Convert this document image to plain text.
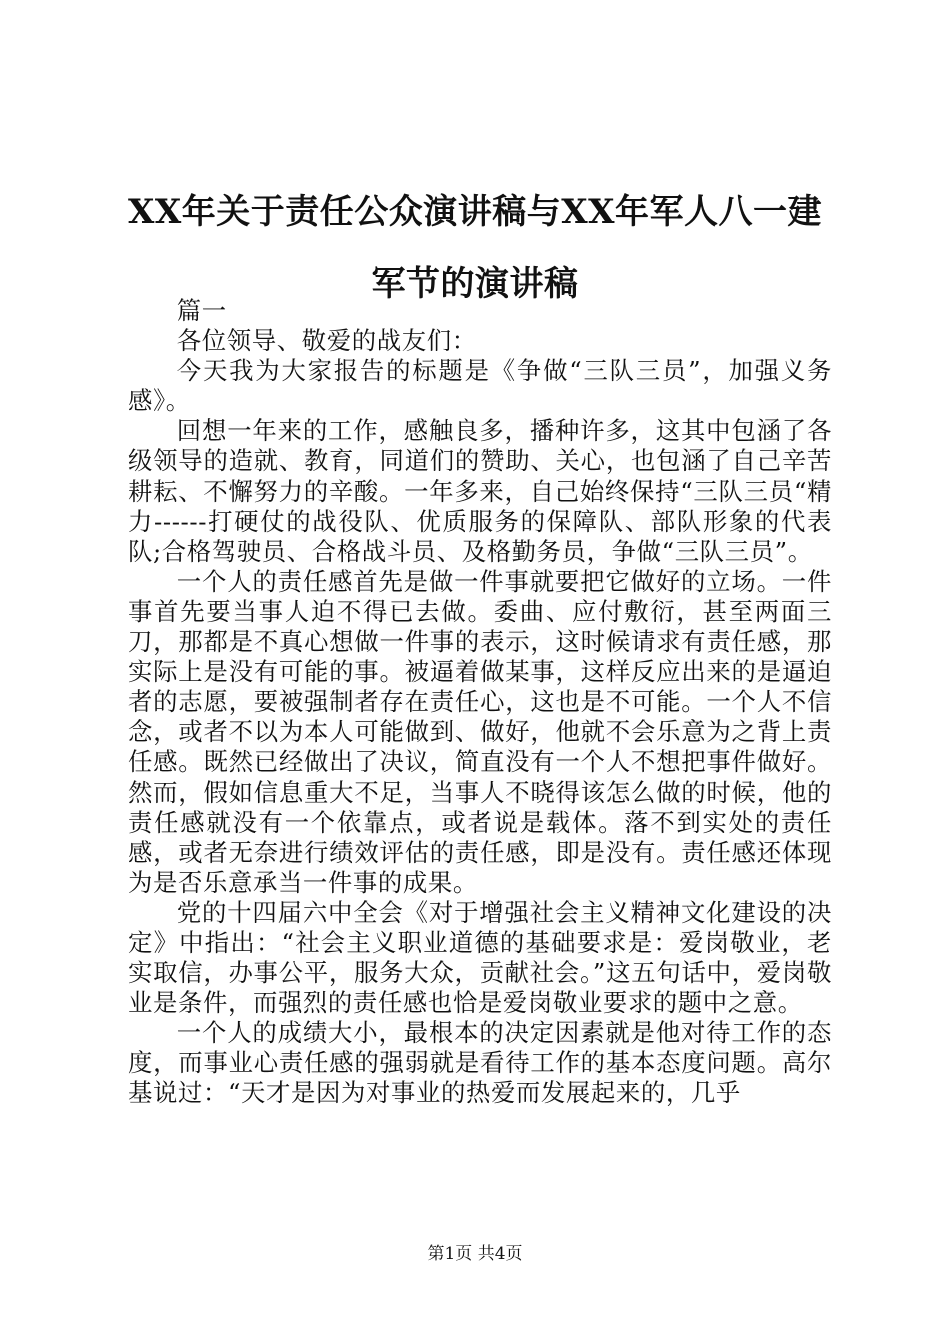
XX年关于责任公众演讲稿与XX年军人八一建
军节的演讲稿

篇一

各位领导、敬爱的战友们：

今天我为大家报告的标题是《争做“三队三员”，加强义务感》。

回想一年来的工作，感触良多，播种许多，这其中包涵了各级领导的造就、教育，同道们的赞助、关心，也包涵了自己辛苦耕耘、不懈努力的辛酸。一年多来，自己始终保持“三队三员“精力------打硬仗的战役队、优质服务的保障队、部队形象的代表队;合格驾驶员、合格战斗员、及格勤务员，争做“三队三员”。

一个人的责任感首先是做一件事就要把它做好的立场。一件事首先要当事人迫不得已去做。委曲、应付敷衍，甚至两面三刀，那都是不真心想做一件事的表示，这时候请求有责任感，那实际上是没有可能的事。被逼着做某事，这样反应出来的是逼迫者的志愿，要被强制者存在责任心，这也是不可能。一个人不信念，或者不以为本人可能做到、做好，他就不会乐意为之背上责任感。既然已经做出了决议，简直没有一个人不想把事件做好。然而，假如信息重大不足，当事人不晓得该怎么做的时候，他的责任感就没有一个依靠点，或者说是载体。落不到实处的责任感，或者无奈进行绩效评估的责任感，即是没有。责任感还体现为是否乐意承当一件事的成果。

党的十四届六中全会《对于增强社会主义精神文化建设的决定》中指出：“社会主义职业道德的基础要求是：爱岗敬业，老实取信，办事公平，服务大众，贡献社会。”这五句话中，爱岗敬业是条件，而强烈的责任感也恰是爱岗敬业要求的题中之意。

一个人的成绩大小，最根本的决定因素就是他对待工作的态度，而事业心责任感的强弱就是看待工作的基本态度问题。高尔基说过：“天才是因为对事业的热爱而发展起来的，几乎

第1页 共4页
